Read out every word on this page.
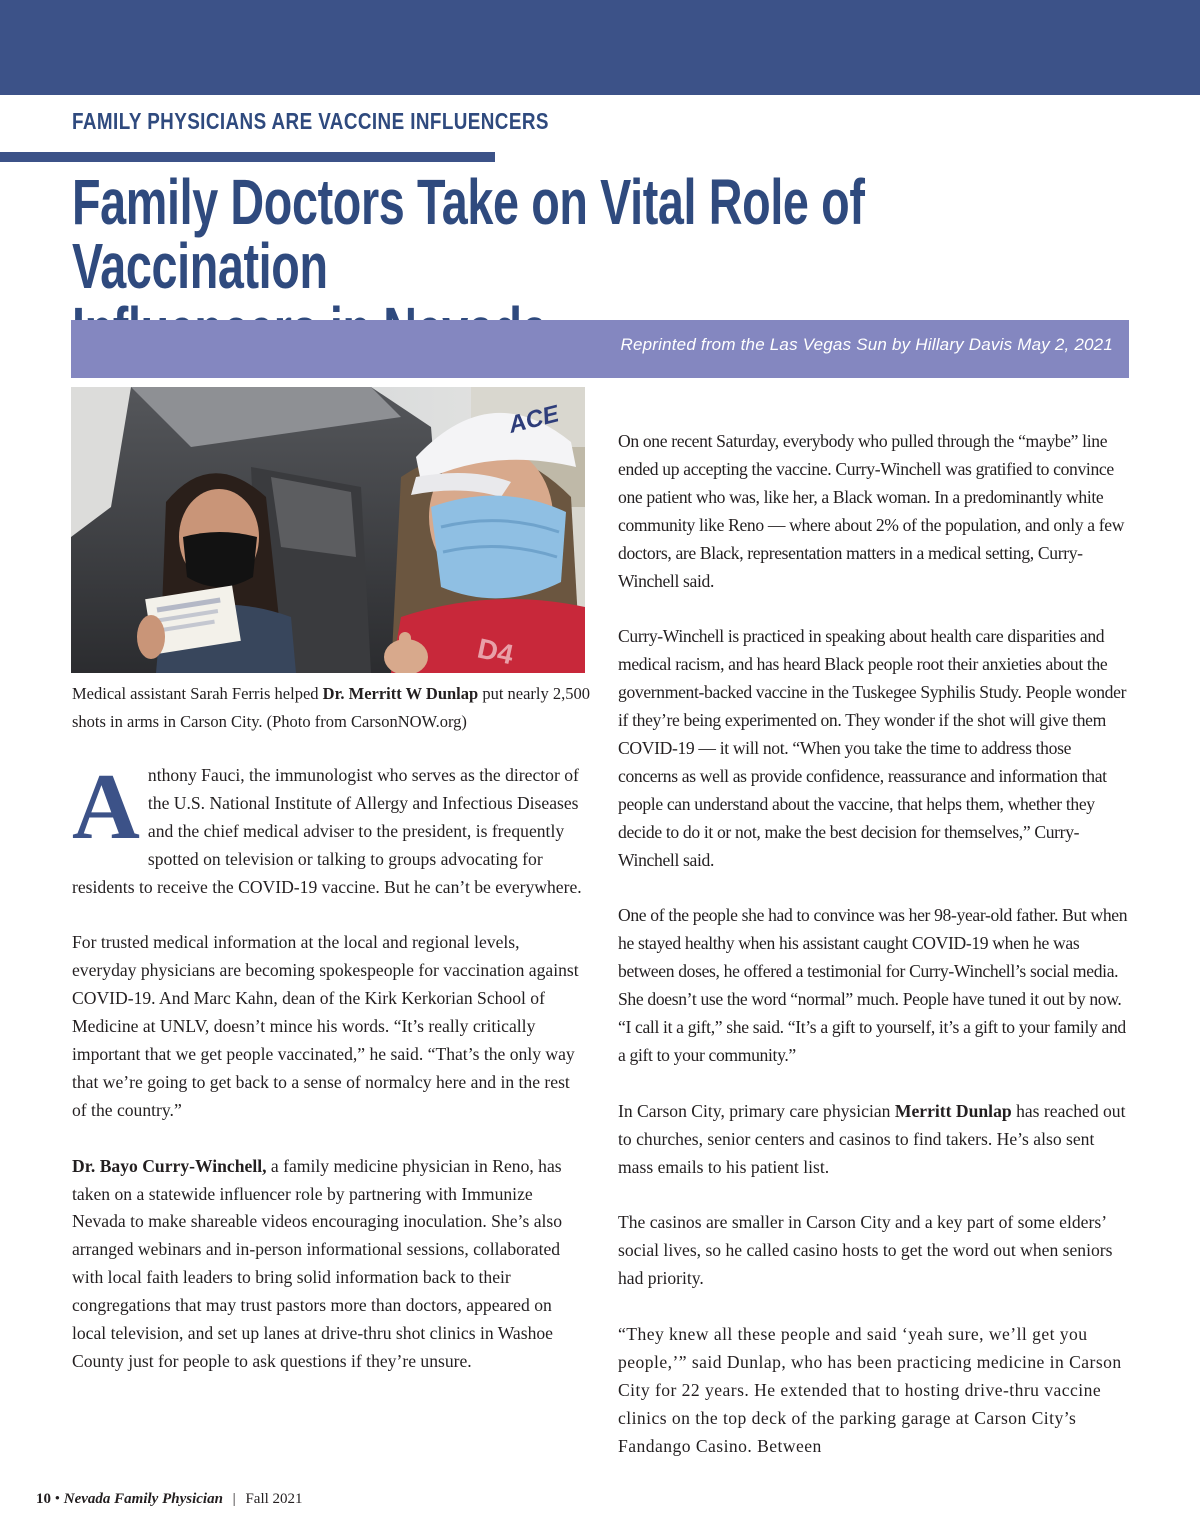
FAMILY PHYSICIANS ARE VACCINE INFLUENCERS
Family Doctors Take on Vital Role of Vaccination

Reprinted from the Las Vegas Sun by Hillary Davis May 2, 2021
ACE
D4
Medical assistant Sarah Ferris helped Dr. Merritt W Dunlap put nearly 2,500 shots in arms in Carson City. (Photo from CarsonNOW.org)

Anthony Fauci, the immunologist who serves as the director of the U.S. National Institute of Allergy and Infectious Diseases and the chief medical adviser to the president, is frequently spotted on television or talking to groups advocating for residents to receive the COVID-19 vaccine. But he can’t be everywhere.

For trusted medical information at the local and regional levels, everyday physicians are becoming spokespeople for vaccination against COVID-19. And Marc Kahn, dean of the Kirk Kerkorian School of Medicine at UNLV, doesn’t mince his words. “It’s really critically important that we get people vaccinated,” he said. “That’s the only way that we’re going to get back to a sense of normalcy here and in the rest of the country.”

Dr. Bayo Curry-Winchell, a family medicine physician in Reno, has taken on a statewide influencer role by partnering with Immunize Nevada to make shareable videos encouraging inoculation. She’s also arranged webinars and in-person informational sessions, collaborated with local faith leaders to bring solid information back to their congregations that may trust pastors more than doctors, appeared on local television, and set up lanes at drive-thru shot clinics in Washoe County just for people to ask questions if they’re unsure.

On one recent Saturday, everybody who pulled through the “maybe” line ended up accepting the vaccine. Curry-Winchell was gratified to convince one patient who was, like her, a Black woman. In a predominantly white community like Reno — where about 2% of the population, and only a few doctors, are Black, representation matters in a medical setting, Curry-Winchell said.

Curry-Winchell is practiced in speaking about health care disparities and medical racism, and has heard Black people root their anxieties about the government-backed vaccine in the Tuskegee Syphilis Study. People wonder if they’re being experimented on. They wonder if the shot will give them COVID-19 — it will not. “When you take the time to address those concerns as well as provide confidence, reassurance and information that people can understand about the vaccine, that helps them, whether they decide to do it or not, make the best decision for themselves,” Curry-Winchell said.

One of the people she had to convince was her 98-year-old father. But when he stayed healthy when his assistant caught COVID-19 when he was between doses, he offered a testimonial for Curry-Winchell’s social media. She doesn’t use the word “normal” much. People have tuned it out by now. “I call it a gift,” she said. “It’s a gift to yourself, it’s a gift to your family and a gift to your community.”

In Carson City, primary care physician Merritt Dunlap has reached out to churches, senior centers and casinos to find takers. He’s also sent mass emails to his patient list.

The casinos are smaller in Carson City and a key part of some elders’ social lives, so he called casino hosts to get the word out when seniors had priority.

“They knew all these people and said ‘yeah sure, we’ll get you people,’” said Dunlap, who has been practicing medicine in Carson City for 22 years. He extended that to hosting drive-thru vaccine clinics on the top deck of the parking garage at Carson City’s Fandango Casino. Between

10 • Nevada Family Physician | Fall 2021
